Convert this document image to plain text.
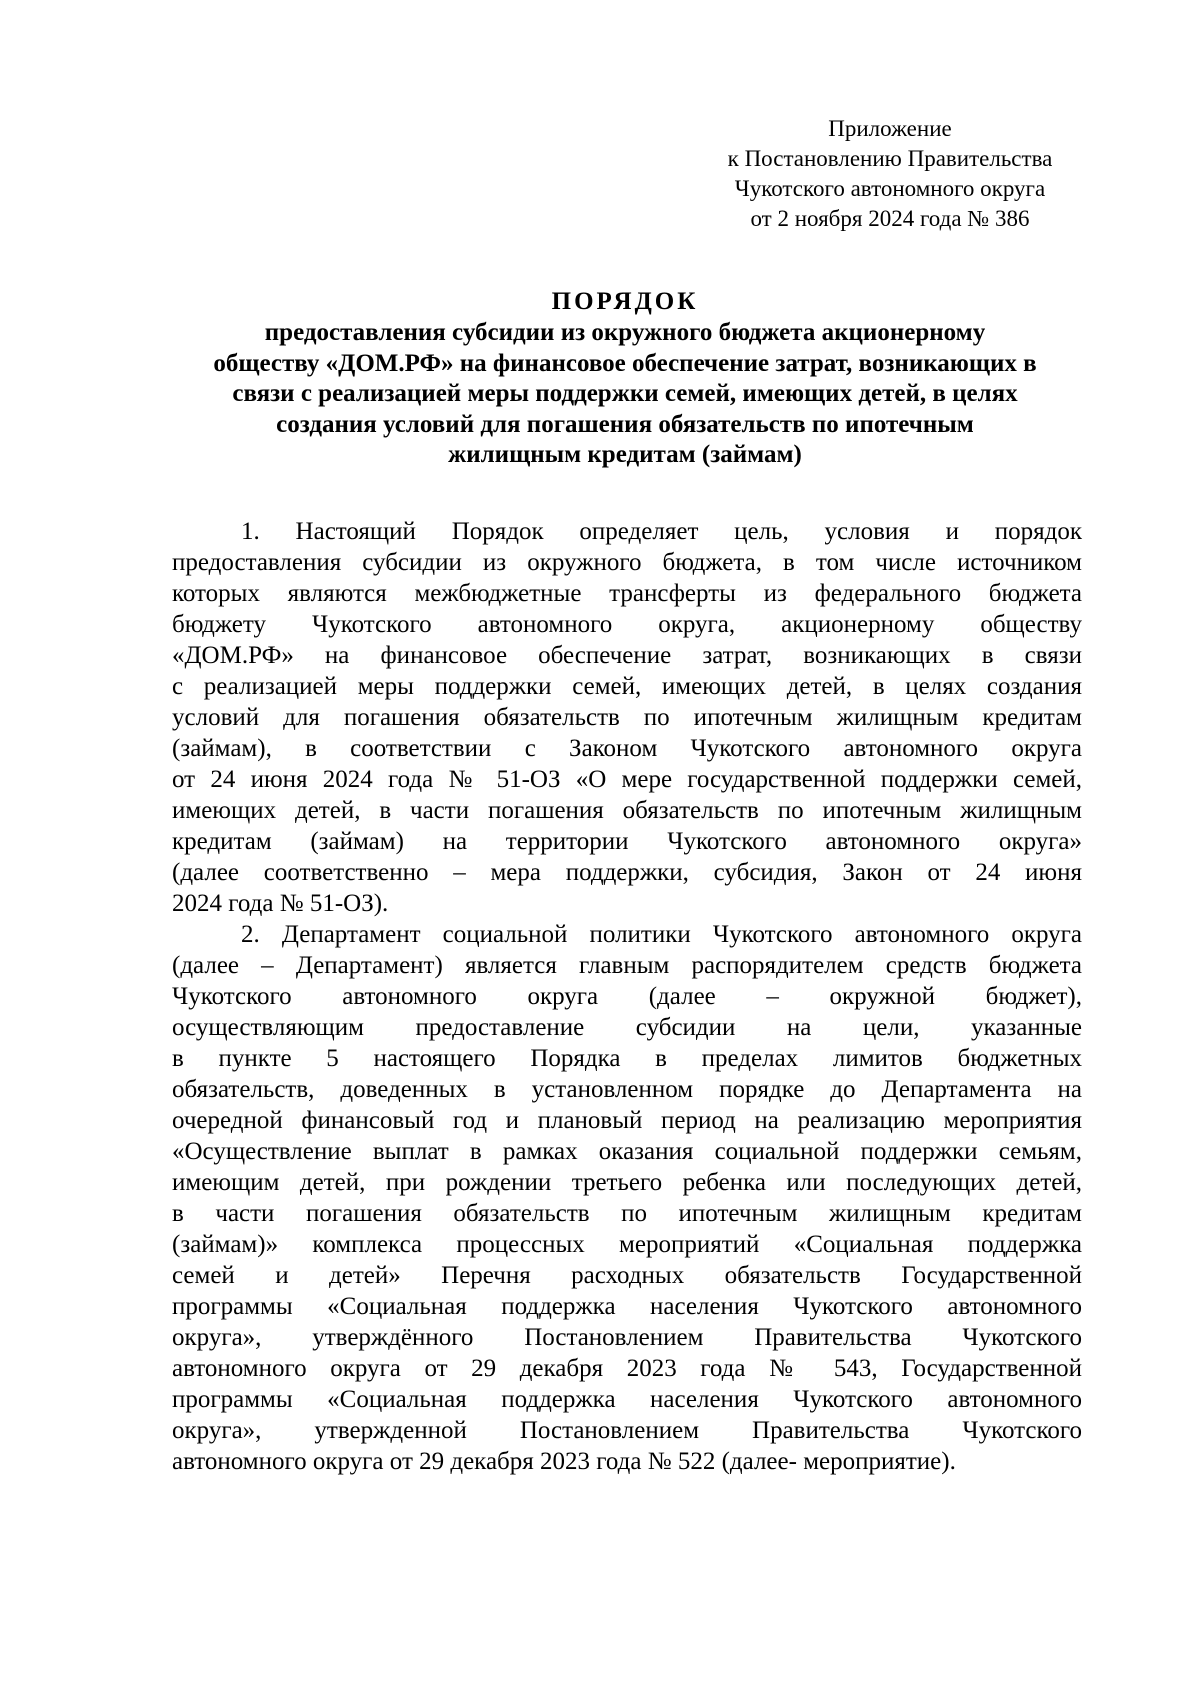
Приложение
к Постановлению Правительства
Чукотского автономного округа
от 2 ноября 2024 года № 386
ПОРЯДОК
предоставления субсидии из окружного бюджета акционерному
обществу «ДОМ.РФ» на финансовое обеспечение затрат, возникающих в
связи с реализацией меры поддержки семей, имеющих детей, в целях
создания условий для погашения обязательств по ипотечным
жилищным кредитам (займам)
1. Настоящий Порядок определяет цель, условия и порядок
предоставления субсидии из окружного бюджета, в том числе источником
которых являются межбюджетные трансферты из федерального бюджета
бюджету Чукотского автономного округа, акционерному обществу
«ДОМ.РФ» на финансовое обеспечение затрат, возникающих в связи
с реализацией меры поддержки семей, имеющих детей, в целях создания
условий для погашения обязательств по ипотечным жилищным кредитам
(займам), в соответствии с Законом Чукотского автономного округа
от 24 июня 2024 года № 51-ОЗ «О мере государственной поддержки семей,
имеющих детей, в части погашения обязательств по ипотечным жилищным
кредитам (займам) на территории Чукотского автономного округа»
(далее соответственно – мера поддержки, субсидия, Закон от 24 июня
2024 года № 51-ОЗ).
2. Департамент социальной политики Чукотского автономного округа
(далее – Департамент) является главным распорядителем средств бюджета
Чукотского автономного округа (далее – окружной бюджет),
осуществляющим предоставление субсидии на цели, указанные
в пункте 5 настоящего Порядка в пределах лимитов бюджетных
обязательств, доведенных в установленном порядке до Департамента на
очередной финансовый год и плановый период на реализацию мероприятия
«Осуществление выплат в рамках оказания социальной поддержки семьям,
имеющим детей, при рождении третьего ребенка или последующих детей,
в части погашения обязательств по ипотечным жилищным кредитам
(займам)» комплекса процессных мероприятий «Социальная поддержка
семей и детей» Перечня расходных обязательств Государственной
программы «Социальная поддержка населения Чукотского автономного
округа», утверждённого Постановлением Правительства Чукотского
автономного округа от 29 декабря 2023 года № 543, Государственной
программы «Социальная поддержка населения Чукотского автономного
округа», утвержденной Постановлением Правительства Чукотского
автономного округа от 29 декабря 2023 года № 522 (далее- мероприятие).
